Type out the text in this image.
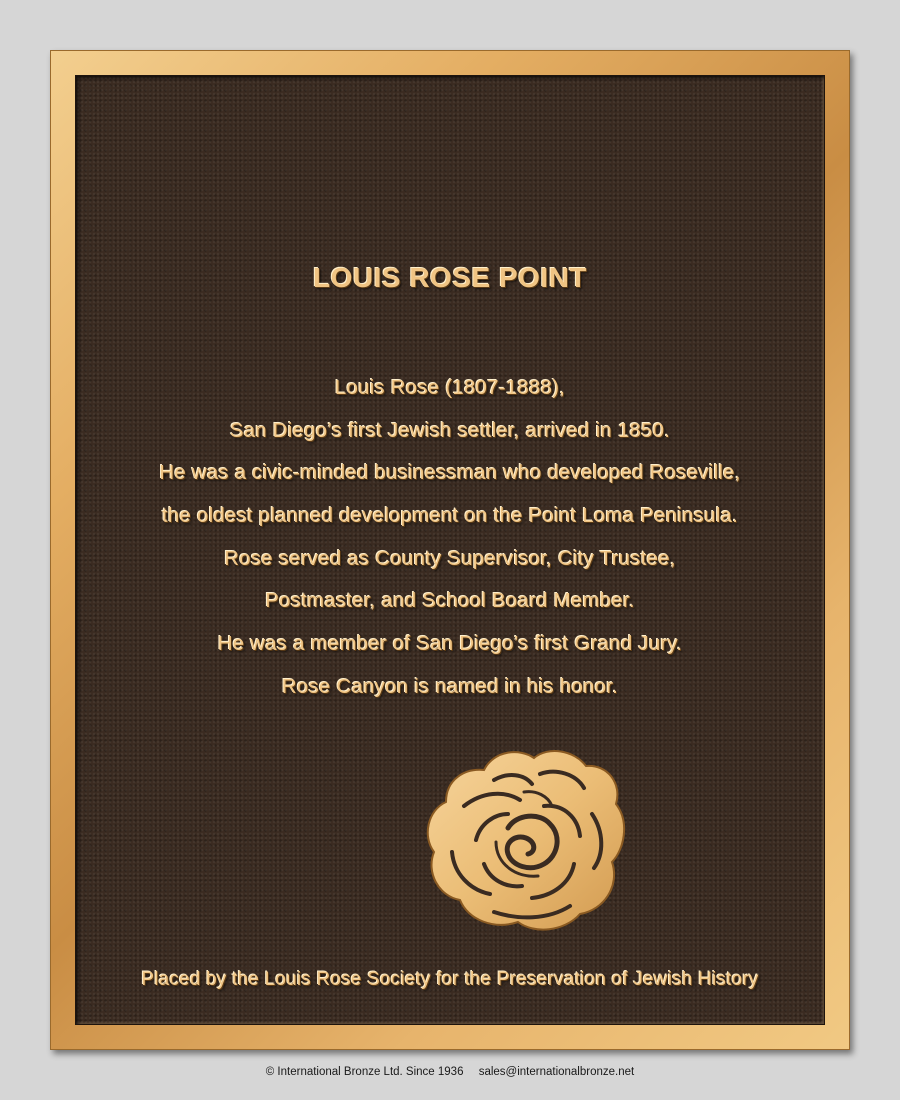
LOUIS ROSE POINT
Louis Rose (1807-1888),
San Diego’s first Jewish settler, arrived in 1850.
He was a civic-minded businessman who developed Roseville,
the oldest planned development on the Point Loma Peninsula.
Rose served as County Supervisor, City Trustee,
Postmaster, and School Board Member.
He was a member of San Diego’s first Grand Jury.
Rose Canyon is named in his honor.
Placed by the Louis Rose Society for the Preservation of Jewish History
© International Bronze Ltd. Since 1936 sales@internationalbronze.net
